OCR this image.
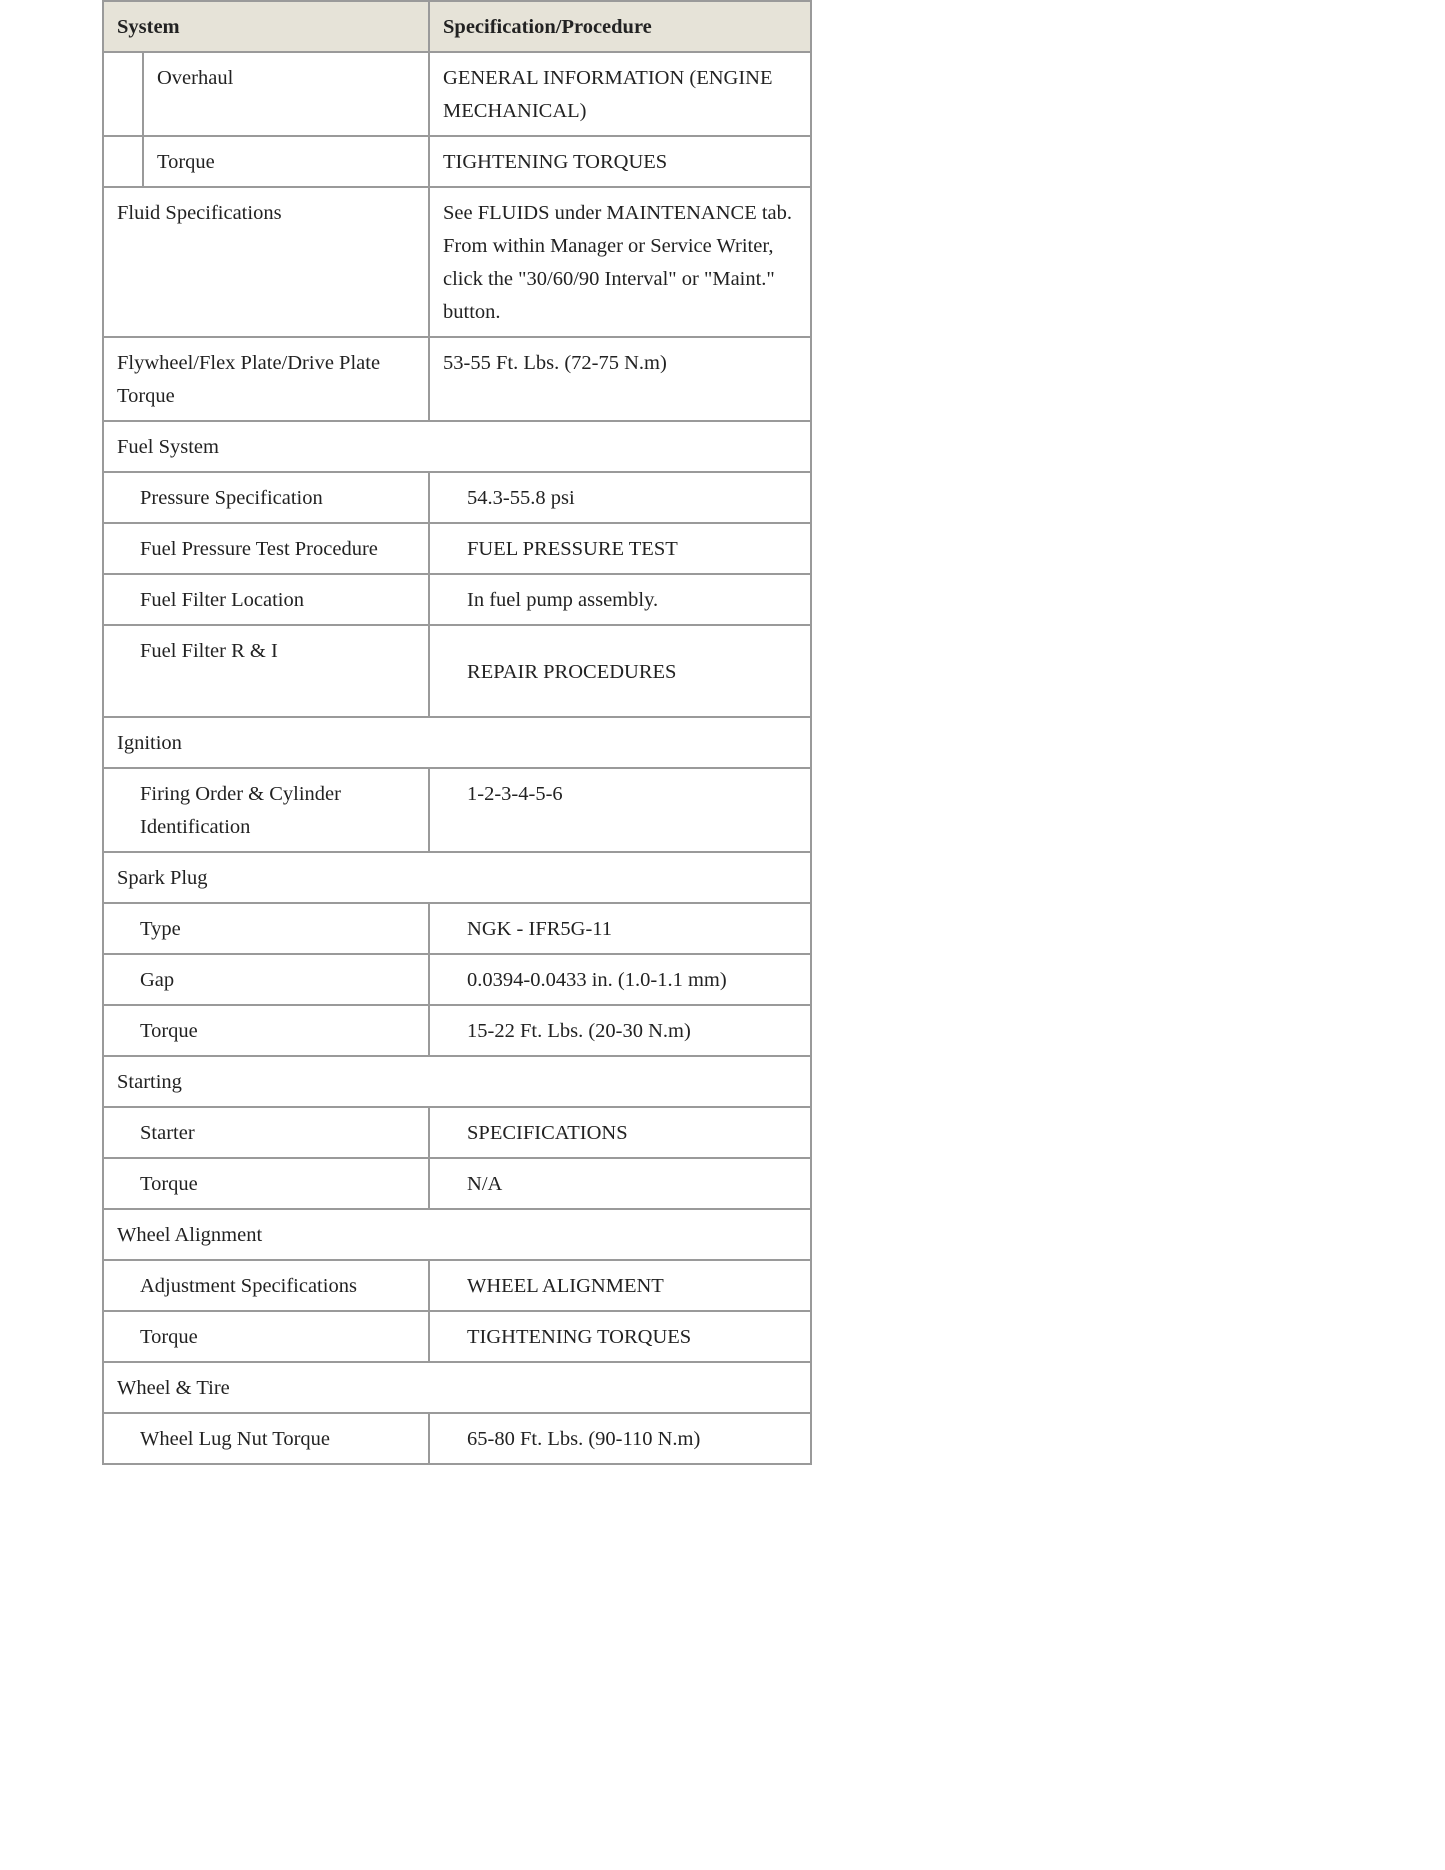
System		Specification/Procedure
	Overhaul	GENERAL INFORMATION (ENGINE MECHANICAL)
	Torque	TIGHTENING TORQUES
Fluid Specifications		See FLUIDS under MAINTENANCE tab. From within Manager or Service Writer, click the "30/60/90 Interval" or "Maint." button.
Flywheel/Flex Plate/Drive Plate Torque		53-55 Ft. Lbs. (72-75 N.m)
Fuel System		
Pressure Specification		54.3-55.8 psi
Fuel Pressure Test Procedure		FUEL PRESSURE TEST
Fuel Filter Location		In fuel pump assembly.
Fuel Filter R & I		REPAIR PROCEDURES
Ignition		
Firing Order & Cylinder Identification		1-2-3-4-5-6
Spark Plug		
Type		NGK - IFR5G-11
Gap		0.0394-0.0433 in. (1.0-1.1 mm)
Torque		15-22 Ft. Lbs. (20-30 N.m)
Starting		
Starter		SPECIFICATIONS
Torque		N/A
Wheel Alignment		
Adjustment Specifications		WHEEL ALIGNMENT
Torque		TIGHTENING TORQUES
Wheel & Tire		
Wheel Lug Nut Torque		65-80 Ft. Lbs. (90-110 N.m)
